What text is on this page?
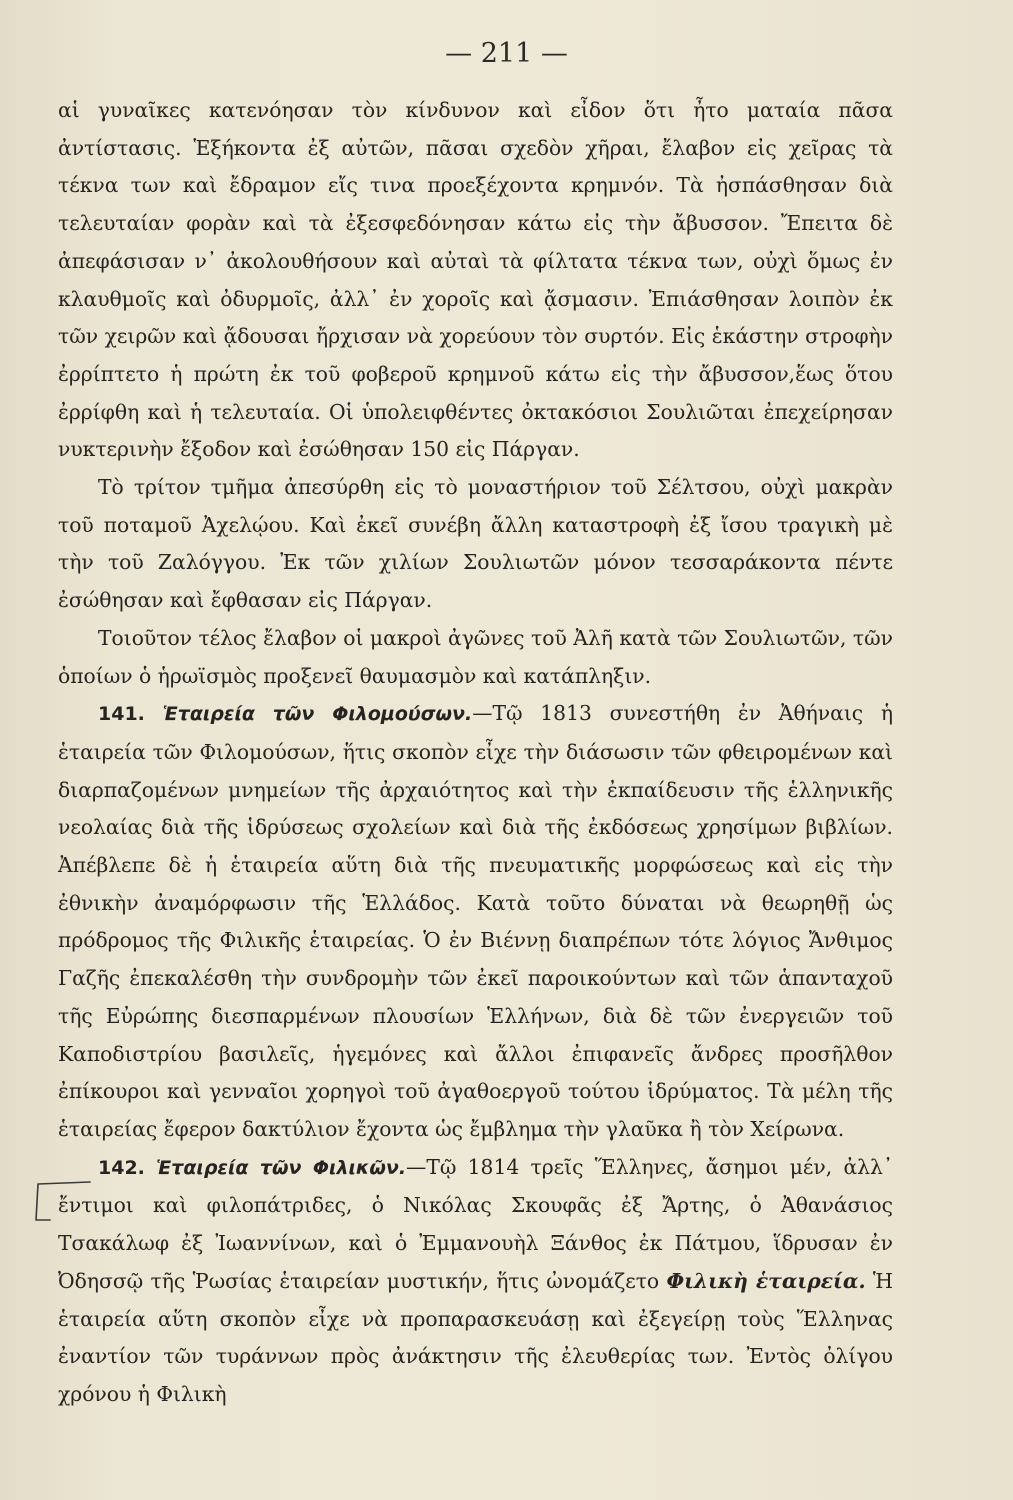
— 211 —

αἱ γυναῖκες κατενόησαν τὸν κίνδυνον καὶ εἶδον ὅτι ἦτο ματαία πᾶσα ἀντίστασις. Ἑξήκοντα ἐξ αὐτῶν, πᾶσαι σχεδὸν χῆραι, ἔλαβον εἰς χεῖρας τὰ τέκνα των καὶ ἔδραμον εἴς τινα προεξέχοντα κρημνόν. Τὰ ἠσπάσθησαν διὰ τελευταίαν φορὰν καὶ τὰ ἐξεσφεδόνησαν κάτω εἰς τὴν ἄβυσσον. Ἔπειτα δὲ ἀπεφάσισαν ν᾿ ἀκολουθήσουν καὶ αὐταὶ τὰ φίλτατα τέκνα των, οὐχὶ ὅμως ἐν κλαυθμοῖς καὶ ὀδυρμοῖς, ἀλλ᾿ ἐν χοροῖς καὶ ᾄσμασιν. Ἐπιάσθησαν λοιπὸν ἐκ τῶν χειρῶν καὶ ᾄδουσαι ἤρχισαν νὰ χορεύουν τὸν συρτόν. Εἰς ἑκάστην στροφὴν ἐρρίπτετο ἡ πρώτη ἐκ τοῦ φοβεροῦ κρημνοῦ κάτω εἰς τὴν ἄβυσσον,ἕως ὅτου ἐρρίφθη καὶ ἡ τελευταία. Οἱ ὑπολειφθέντες ὀκτακόσιοι Σουλιῶται ἐπεχείρησαν νυκτερινὴν ἔξοδον καὶ ἐσώθησαν 150 εἰς Πάργαν.

Τὸ τρίτον τμῆμα ἀπεσύρθη εἰς τὸ μοναστήριον τοῦ Σέλτσου, οὐχὶ μακρὰν τοῦ ποταμοῦ Ἀχελῴου. Καὶ ἐκεῖ συνέβη ἄλλη καταστροφὴ ἐξ ἴσου τραγικὴ μὲ τὴν τοῦ Ζαλόγγου. Ἐκ τῶν χιλίων Σουλιωτῶν μόνον τεσσαράκοντα πέντε ἐσώθησαν καὶ ἔφθασαν εἰς Πάργαν.

Τοιοῦτον τέλος ἔλαβον οἱ μακροὶ ἀγῶνες τοῦ Ἀλῆ κατὰ τῶν Σουλιωτῶν, τῶν ὁποίων ὁ ἡρωϊσμὸς προξενεῖ θαυμασμὸν καὶ κατάπληξιν.

141. Ἑταιρεία τῶν Φιλομούσων.—Τῷ 1813 συνεστήθη ἐν Ἀθήναις ἡ ἑταιρεία τῶν Φιλομούσων, ἥτις σκοπὸν εἶχε τὴν διάσωσιν τῶν φθειρομένων καὶ διαρπαζομένων μνημείων τῆς ἀρχαιότητος καὶ τὴν ἐκπαίδευσιν τῆς ἑλληνικῆς νεολαίας διὰ τῆς ἱδρύσεως σχολείων καὶ διὰ τῆς ἐκδόσεως χρησίμων βιβλίων. Ἀπέβλεπε δὲ ἡ ἑταιρεία αὕτη διὰ τῆς πνευματικῆς μορφώσεως καὶ εἰς τὴν ἐθνικὴν ἀναμόρφωσιν τῆς Ἑλλάδος. Κατὰ τοῦτο δύναται νὰ θεωρηθῇ ὡς πρόδρομος τῆς Φιλικῆς ἑταιρείας. Ὁ ἐν Βιέννῃ διαπρέπων τότε λόγιος Ἄνθιμος Γαζῆς ἐπεκαλέσθη τὴν συνδρομὴν τῶν ἐκεῖ παροικούντων καὶ τῶν ἁπανταχοῦ τῆς Εὐρώπης διεσπαρμένων πλουσίων Ἑλλήνων, διὰ δὲ τῶν ἐνεργειῶν τοῦ Καποδιστρίου βασιλεῖς, ἡγεμόνες καὶ ἄλλοι ἐπιφανεῖς ἄνδρες προσῆλθον ἐπίκουροι καὶ γενναῖοι χορηγοὶ τοῦ ἀγαθοεργοῦ τούτου ἱδρύματος. Τὰ μέλη τῆς ἑταιρείας ἔφερον δακτύλιον ἔχοντα ὡς ἔμβλημα τὴν γλαῦκα ἢ τὸν Χείρωνα.

142. Ἑταιρεία τῶν Φιλικῶν.—Τῷ 1814 τρεῖς Ἕλληνες, ἄσημοι μέν, ἀλλ᾿ ἔντιμοι καὶ φιλοπάτριδες, ὁ Νικόλας Σκουφᾶς ἐξ Ἄρτης, ὁ Ἀθανάσιος Τσακάλωφ ἐξ Ἰωαννίνων, καὶ ὁ Ἐμμανουὴλ Ξάνθος ἐκ Πάτμου, ἵδρυσαν ἐν Ὀδησσῷ τῆς Ῥωσίας ἑταιρείαν μυστικήν, ἥτις ὠνομάζετο Φιλικὴ ἑταιρεία. Ἡ ἑταιρεία αὕτη σκοπὸν εἶχε νὰ προπαρασκευάσῃ καὶ ἐξεγείρῃ τοὺς Ἕλληνας ἐναντίον τῶν τυράννων πρὸς ἀνάκτησιν τῆς ἐλευθερίας των. Ἐντὸς ὀλίγου χρόνου ἡ Φιλικὴ
